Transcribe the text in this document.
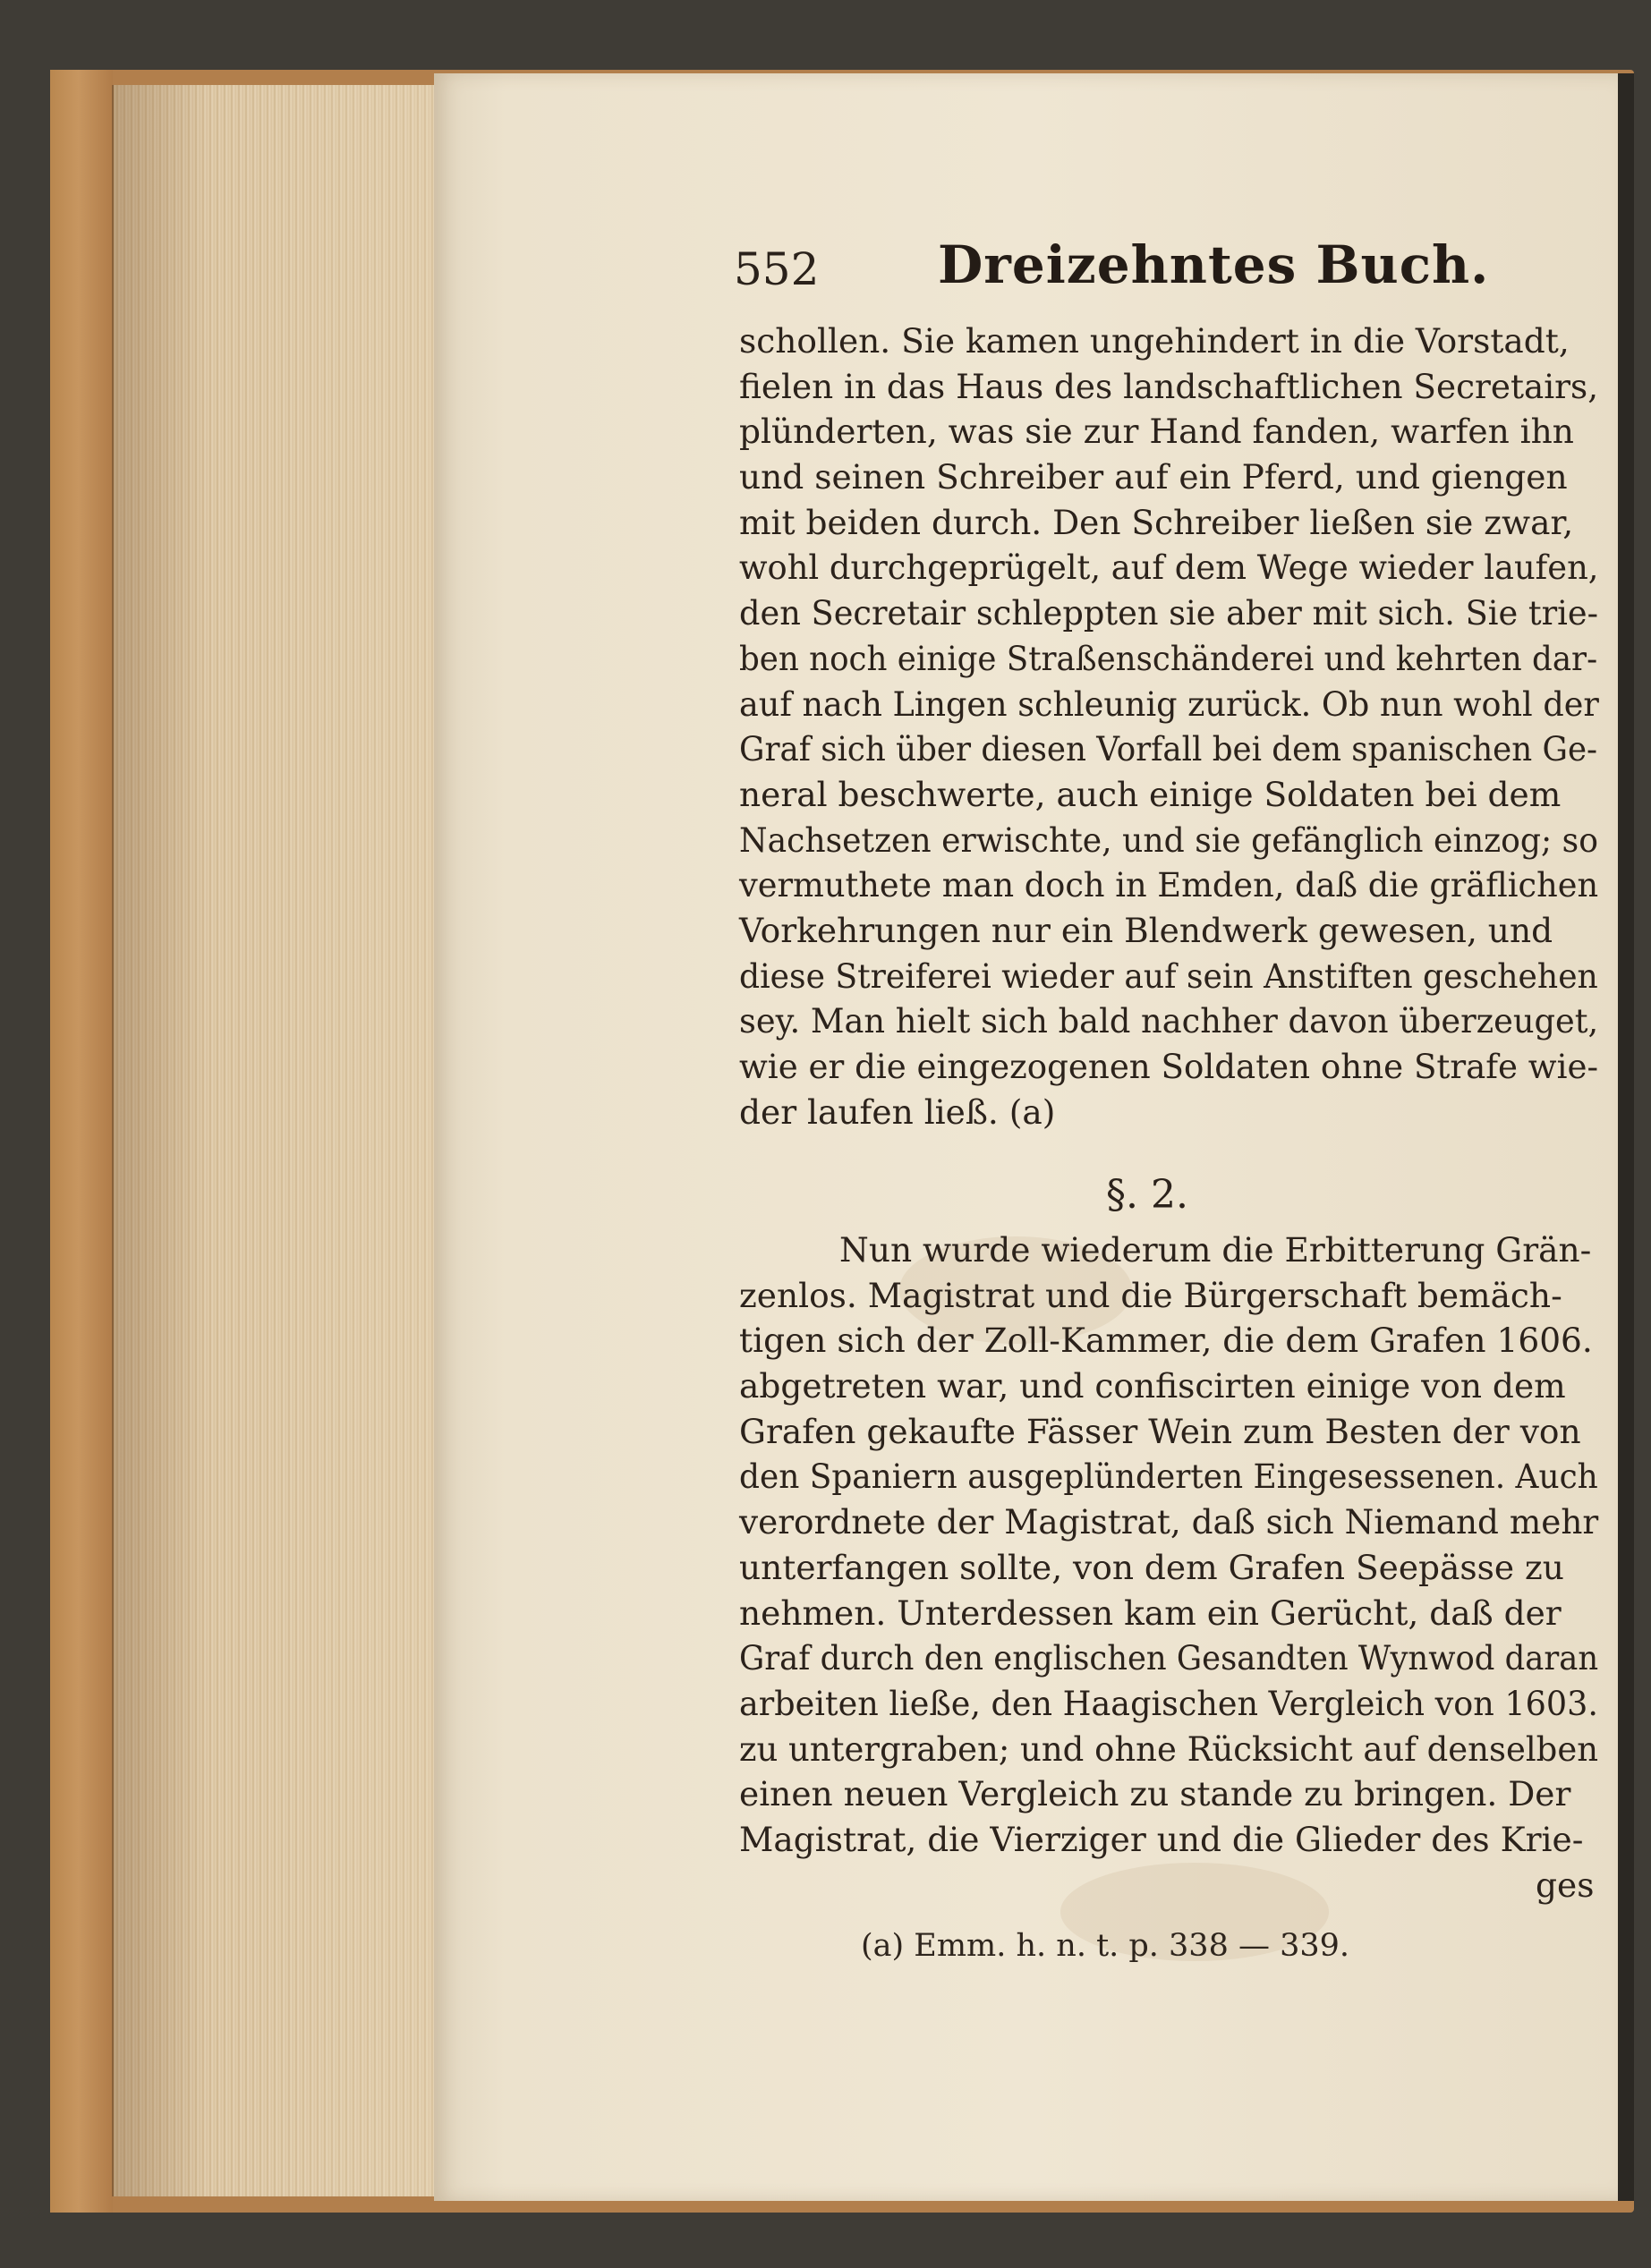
552 Dreizehntes Buch.
schollen. Sie kamen ungehindert in die Vorstadt,
fielen in das Haus des landschaftlichen Secretairs,
plünderten, was sie zur Hand fanden, warfen ihn
und seinen Schreiber auf ein Pferd, und giengen
mit beiden durch. Den Schreiber ließen sie zwar,
wohl durchgeprügelt, auf dem Wege wieder laufen,
den Secretair schleppten sie aber mit sich. Sie trie-
ben noch einige Straßenschänderei und kehrten dar-
auf nach Lingen schleunig zurück. Ob nun wohl der
Graf sich über diesen Vorfall bei dem spanischen Ge-
neral beschwerte, auch einige Soldaten bei dem
Nachsetzen erwischte, und sie gefänglich einzog; so
vermuthete man doch in Emden, daß die gräflichen
Vorkehrungen nur ein Blendwerk gewesen, und
diese Streiferei wieder auf sein Anstiften geschehen
sey. Man hielt sich bald nachher davon überzeuget,
wie er die eingezogenen Soldaten ohne Strafe wie-
der laufen ließ. (a)
§. 2.
Nun wurde wiederum die Erbitterung Grän-
zenlos. Magistrat und die Bürgerschaft bemäch-
tigen sich der Zoll-Kammer, die dem Grafen 1606.
abgetreten war, und confiscirten einige von dem
Grafen gekaufte Fässer Wein zum Besten der von
den Spaniern ausgeplünderten Eingesessenen. Auch
verordnete der Magistrat, daß sich Niemand mehr
unterfangen sollte, von dem Grafen Seepässe zu
nehmen. Unterdessen kam ein Gerücht, daß der
Graf durch den englischen Gesandten Wynwod daran
arbeiten ließe, den Haagischen Vergleich von 1603.
zu untergraben; und ohne Rücksicht auf denselben
einen neuen Vergleich zu stande zu bringen. Der
Magistrat, die Vierziger und die Glieder des Krie-
ges
(a) Emm. h. n. t. p. 338 — 339.
